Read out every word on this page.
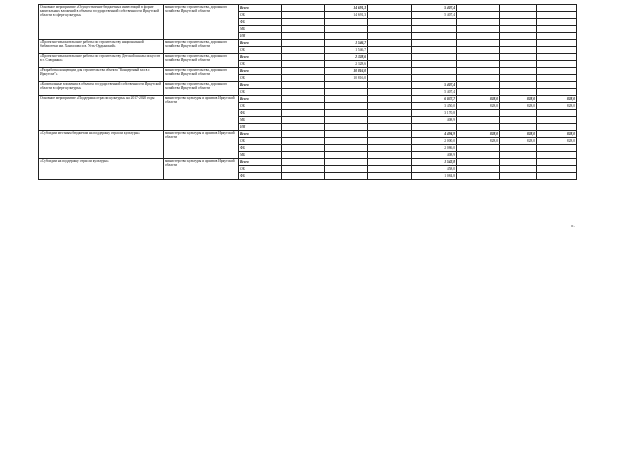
Основное мероприятие «Осуществление бюджетных инвестиций в форме капитальных вложений в объекты государственной собственности Иркутской области в сфере культуры»	министерство строительства, дорожного хозяйства Иркутской области	Всего		14 691,3		5 407,4			
		ОБ		14 691,3		5 407,4			
		ФБ							
		МБ							
		ИИ							
«Проектно-изыскательские работы по строительству национальной библиотеки им. Хангалова и в. Усть-Ордынский»	министерство строительства, дорожного хозяйства Иркутской области	Всего		1 546,7					
		ОБ		1 546,7					
«Проектно-изыскательские работы по строительству Детской школы искусств в г. Слюдянка»	министерство строительства, дорожного хозяйства Иркутской области	Всего		2 328,6					
		ОБ		2 328,6					
«Разработка концепции для строительства объекта "Концертный зал в г. Иркутске"»	министерство строительства, дорожного хозяйства Иркутской области	Всего		10 816,0					
		ОБ		10 816,0					
«Капитальные вложения в объекты государственной собственности Иркутской области в сфере культуры»	министерство строительства, дорожного хозяйства Иркутской области	Всего				5 407,4			
		ОБ				5 407,4			
Основное мероприятие «Поддержка отрасли культуры» на 2017-2020 годы	министерство культуры и архивов Иркутской области	Всего				6 037,7	828,0	828,0	828,0
		ОБ				3 450,0	828,0	828,0	828,0
		ФБ				3 170,8			
		МБ				408,9			
		ИИ							
«Субсидии местным бюджетам на поддержку отрасли культуры»	министерство культуры и архивов Иркутской области	Всего				4 494,9	828,0	828,0	828,0
		ОБ				2 000,0	828,0	828,0	828,0
		ФБ				2 086,0			
		МБ				408,9			
«Субсидии на поддержку отрасли культуры»	министерство культуры и архивов Иркутской области	Всего				1 542,8			
		ОБ				458,0			
		ФБ				1 084,8			
».
